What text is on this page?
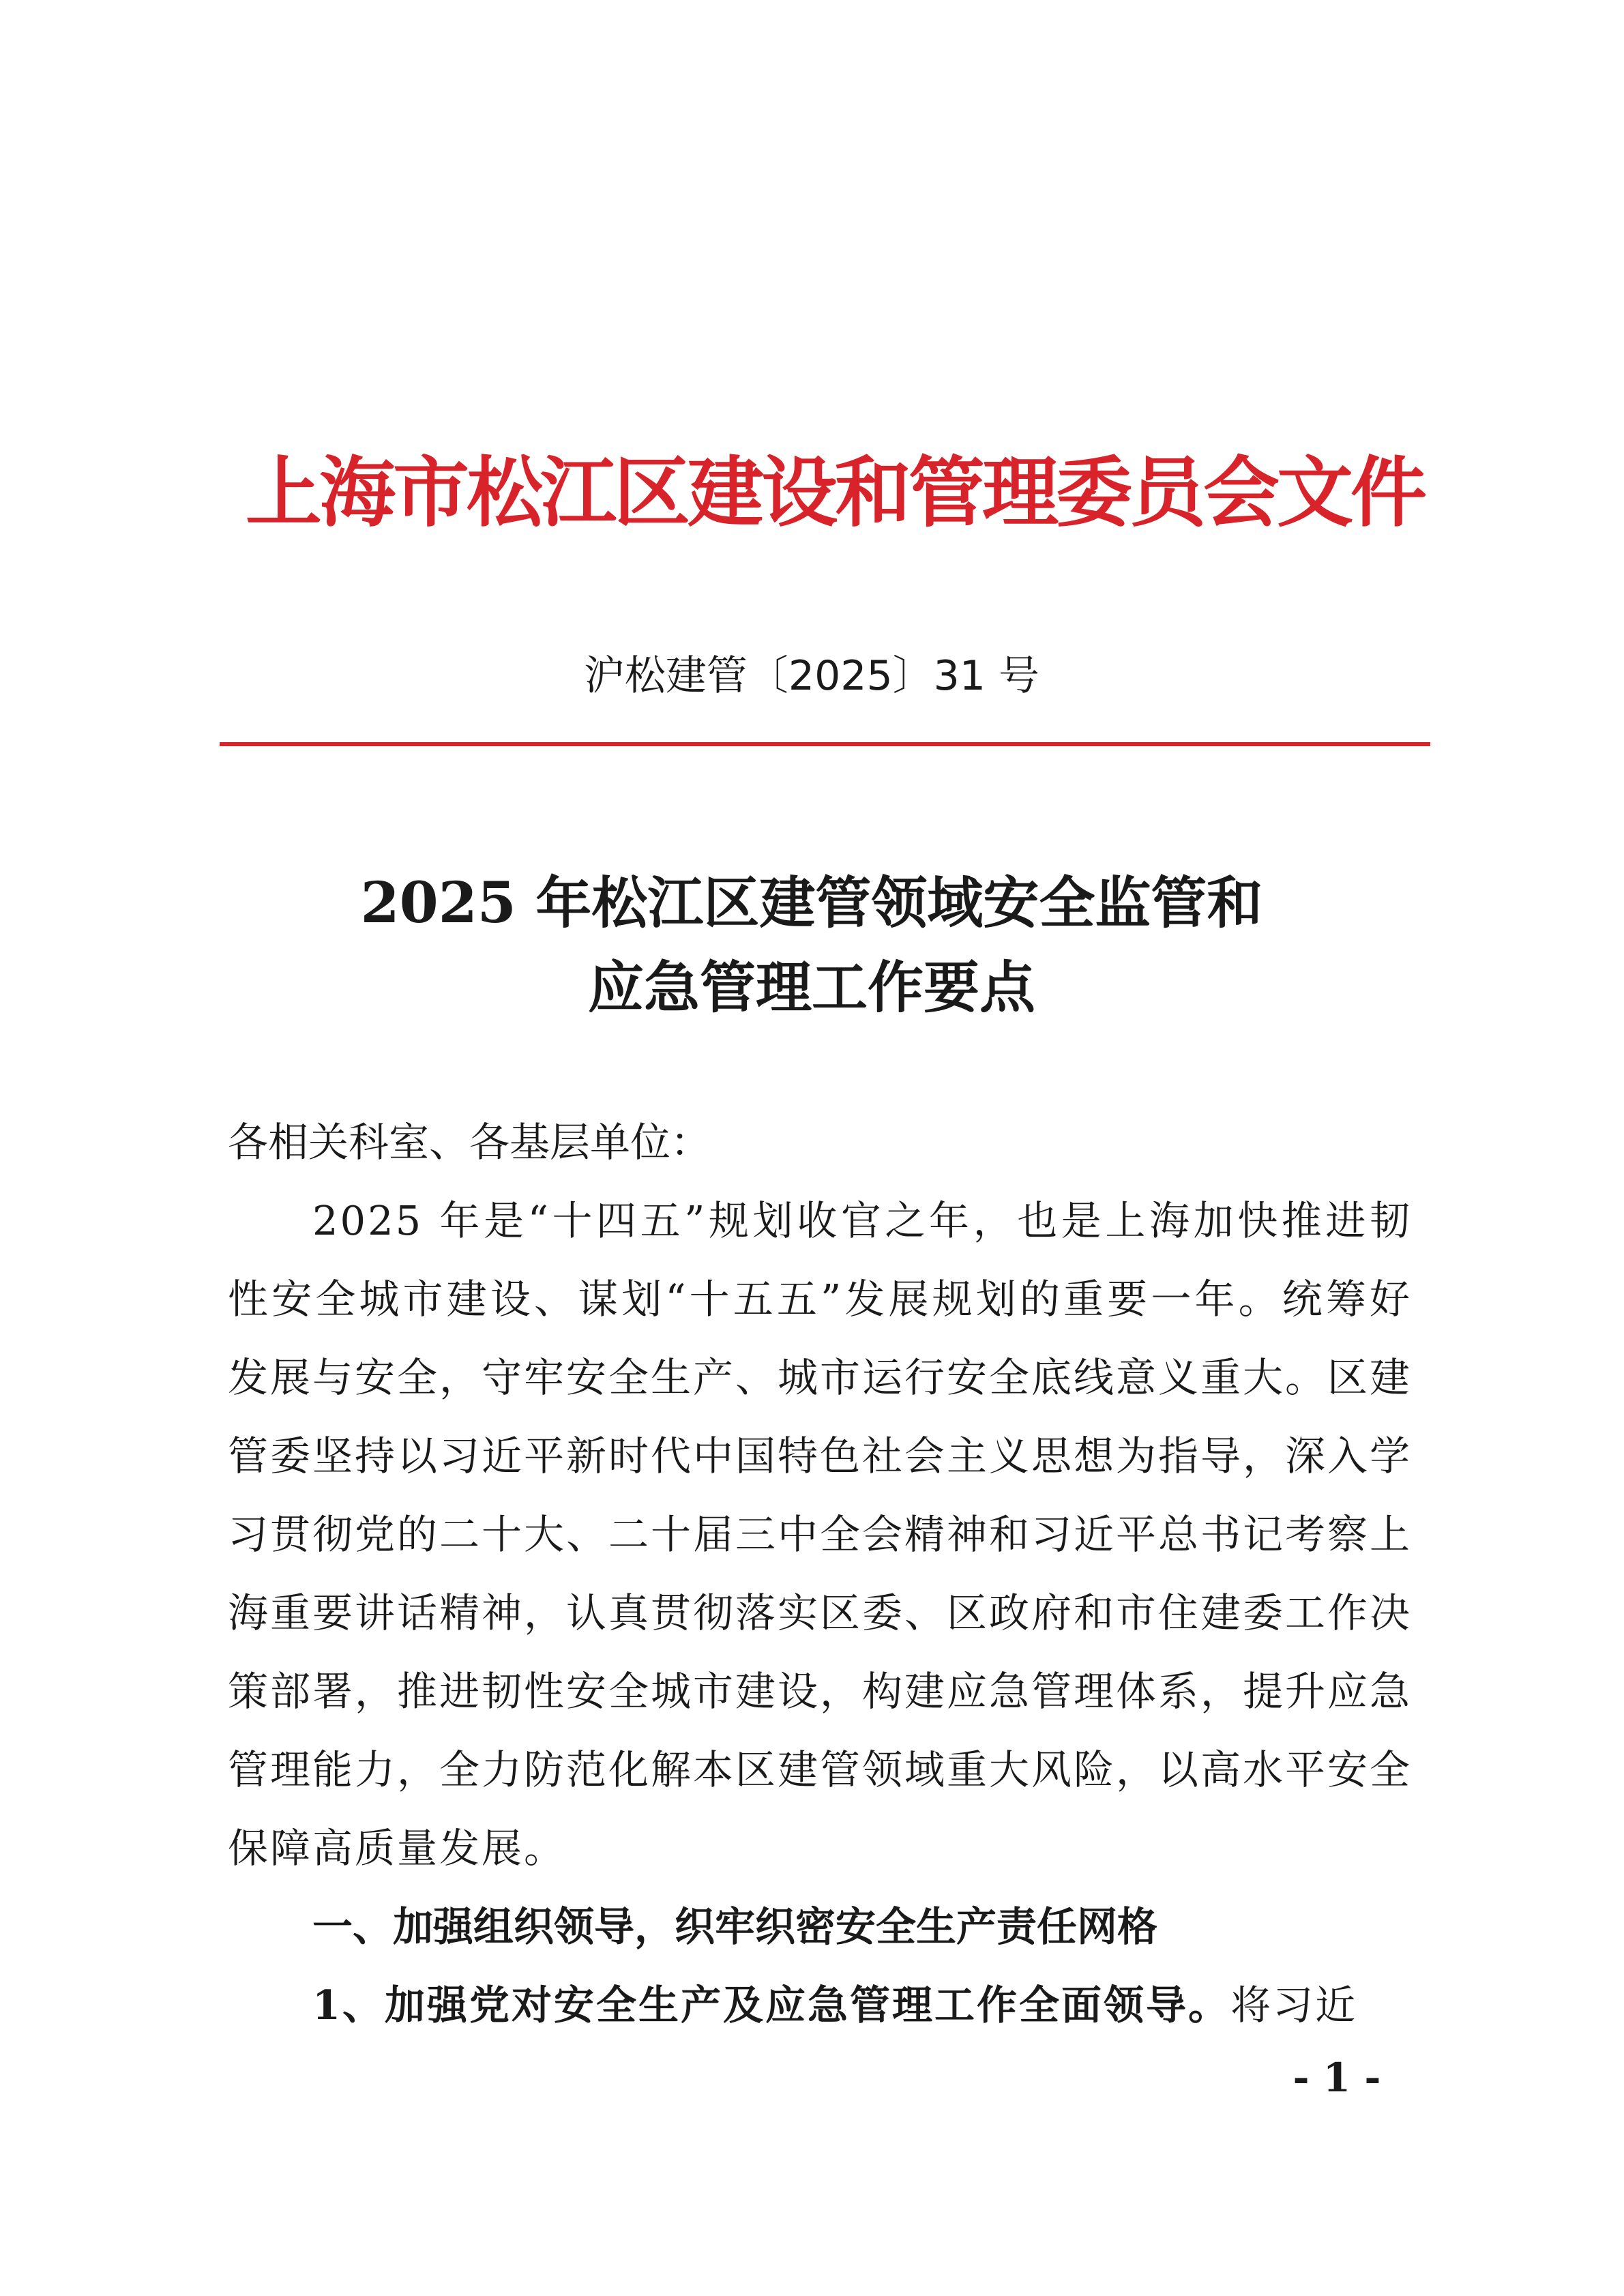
上海市松江区建设和管理委员会文件
沪松建管〔2025〕31 号
2025 年松江区建管领域安全监管和
应急管理工作要点

各相关科室、各基层单位：

2025 年是“十四五”规划收官之年，也是上海加快推进韧性安全城市建设、谋划“十五五”发展规划的重要一年。统筹好发展与安全，守牢安全生产、城市运行安全底线意义重大。区建管委坚持以习近平新时代中国特色社会主义思想为指导，深入学习贯彻党的二十大、二十届三中全会精神和习近平总书记考察上海重要讲话精神，认真贯彻落实区委、区政府和市住建委工作决策部署，推进韧性安全城市建设，构建应急管理体系，提升应急管理能力，全力防范化解本区建管领域重大风险，以高水平安全保障高质量发展。

一、加强组织领导，织牢织密安全生产责任网格

1、加强党对安全生产及应急管理工作全面领导。将习近

- 1 -
